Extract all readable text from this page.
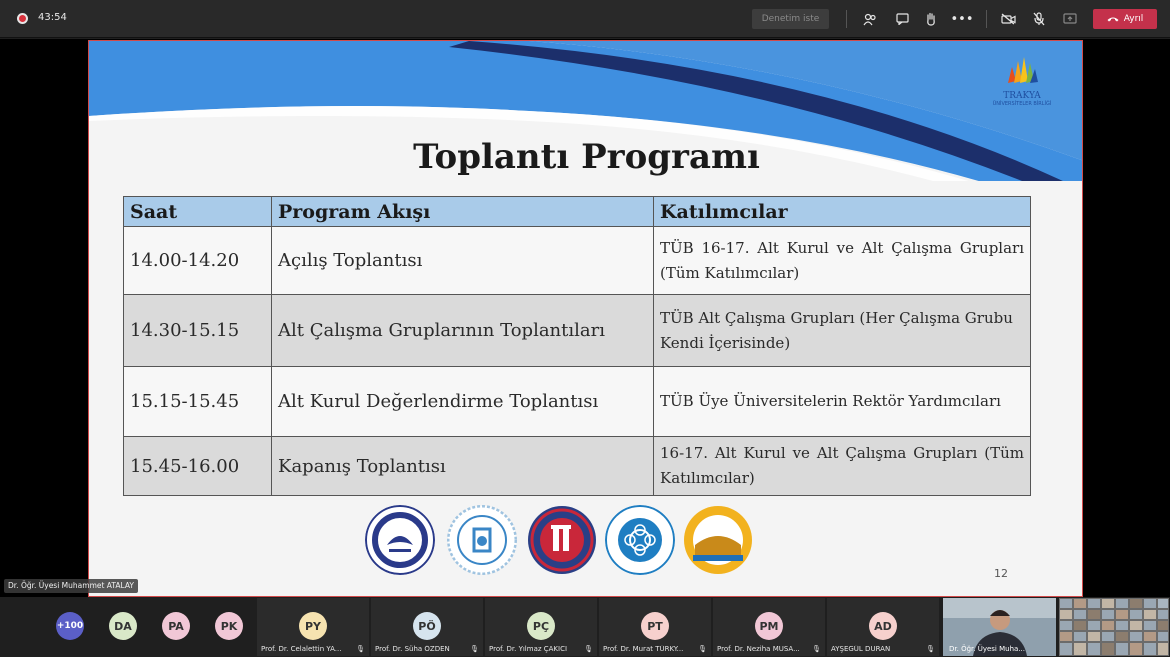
43:54	Denetim iste	•••	Ayrıl
TRAKYA
ÜNİVERSİTELER BİRLİĞİ
Toplantı Programı
Saat	Program Akışı	Katılımcılar
14.00-14.20	Açılış Toplantısı	TÜB 16-17. Alt Kurul ve Alt Çalışma Grupları (Tüm Katılımcılar)
14.30-15.15	Alt Çalışma Gruplarının Toplantıları	TÜB Alt Çalışma Grupları (Her Çalışma Grubu Kendi İçerisinde)
15.15-15.45	Alt Kurul Değerlendirme Toplantısı	TÜB Üye Üniversitelerin Rektör Yardımcıları
15.45-16.00	Kapanış Toplantısı	16-17. Alt Kurul ve Alt Çalışma Grupları (Tüm Katılımcılar)
12
Dr. Öğr. Üyesi Muhammet ATALAY
+100	DA	PA	PK	PY
Prof. Dr. Celalettin YA... 🎙
PÖ
Prof. Dr. Süha ÖZDEN	🎙
PÇ
Prof. Dr. Yılmaz ÇAKICI 🎙
PT
Prof. Dr. Murat TÜRKY... 🎙
PM
Prof. Dr. Neziha MUSA... 🎙
AD
AYŞEGÜL DURAN	🎙 Dr. Öğr. Üyesi Muha...
